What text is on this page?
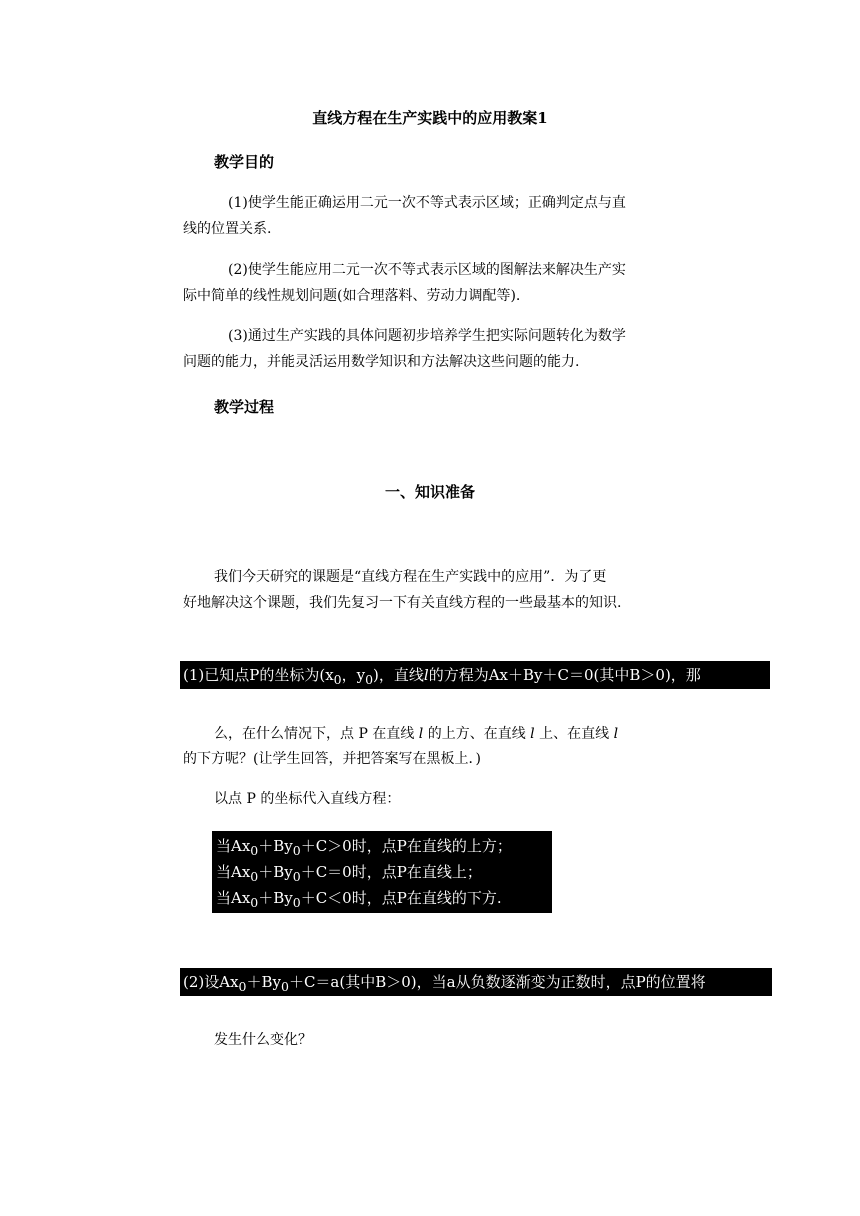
直线方程在生产实践中的应用教案1
教学目的
(1)使学生能正确运用二元一次不等式表示区域；正确判定点与直
线的位置关系.
(2)使学生能应用二元一次不等式表示区域的图解法来解决生产实
际中简单的线性规划问题(如合理落料、劳动力调配等).
(3)通过生产实践的具体问题初步培养学生把实际问题转化为数学
问题的能力，并能灵活运用数学知识和方法解决这些问题的能力.
教学过程
一、知识准备
我们今天研究的课题是“直线方程在生产实践中的应用”．为了更
好地解决这个课题，我们先复习一下有关直线方程的一些最基本的知识.
(1)已知点P的坐标为($x_0$，$y_0$)，直线l的方程为Ax＋By＋C＝0(其中B＞0)，那
么，在什么情况下，点 P 在直线 l 的上方、在直线 l 上、在直线 l
的下方呢？(让学生回答，并把答案写在黑板上．)
以点 P 的坐标代入直线方程：
当$Ax_0+By_0+C>0$时，点P在直线的上方；
当$Ax_0+By_0+C=0$时，点P在直线上；
当$Ax_0+By_0+C<0$时，点P在直线的下方.
(2)设$Ax_0+By_0+C=a$(其中B＞0)，当a从负数逐渐变为正数时，点P的位置将
发生什么变化？
